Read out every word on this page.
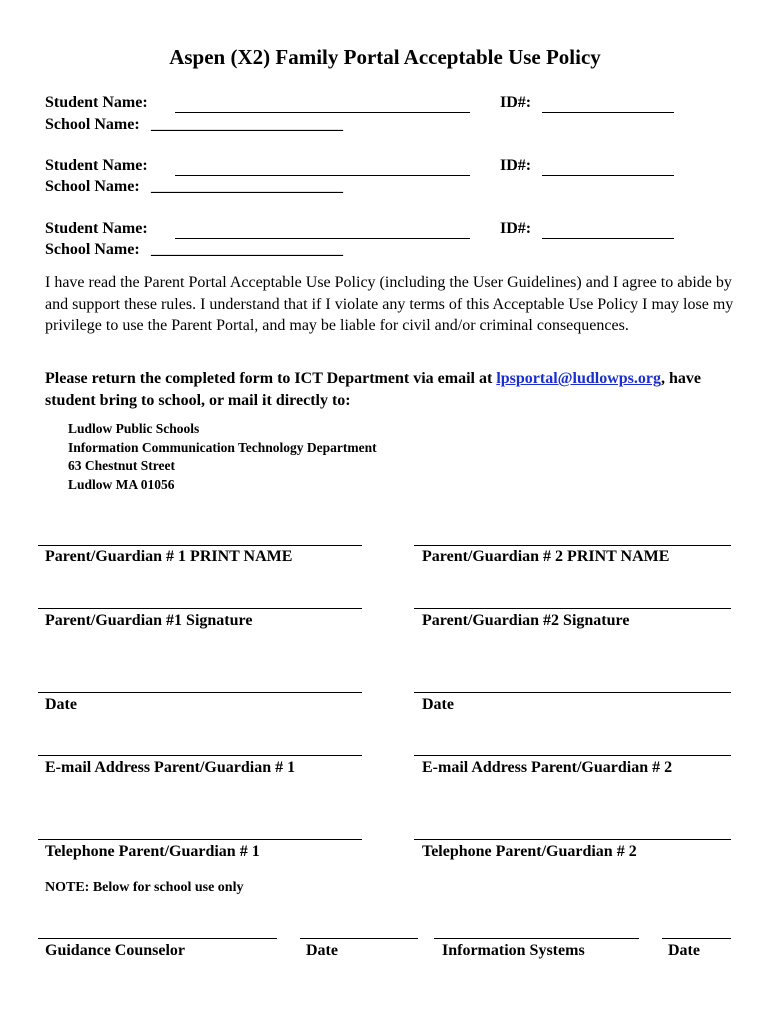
Aspen (X2) Family Portal Acceptable Use Policy
Student Name:	ID#:
School Name: ________________________
Student Name:	ID#:
School Name: ________________________
Student Name:	ID#:
School Name: ________________________

I have read the Parent Portal Acceptable Use Policy (including the User Guidelines) and I agree to abide by and support these rules. I understand that if I violate any terms of this Acceptable Use Policy I may lose my privilege to use the Parent Portal, and may be liable for civil and/or criminal consequences.

Please return the completed form to ICT Department via email at lpsportal@ludlowps.org, have student bring to school, or mail it directly to:

Ludlow Public Schools
Information Communication Technology Department
63 Chestnut Street
Ludlow MA 01056
Parent/Guardian # 1 PRINT NAME	Parent/Guardian # 2 PRINT NAME
Parent/Guardian #1 Signature	Parent/Guardian #2 Signature
Date	Date
E-mail Address Parent/Guardian # 1	E-mail Address Parent/Guardian # 2
Telephone Parent/Guardian # 1	Telephone Parent/Guardian # 2
NOTE: Below for school use only
Guidance Counselor	Date	Information Systems	Date
